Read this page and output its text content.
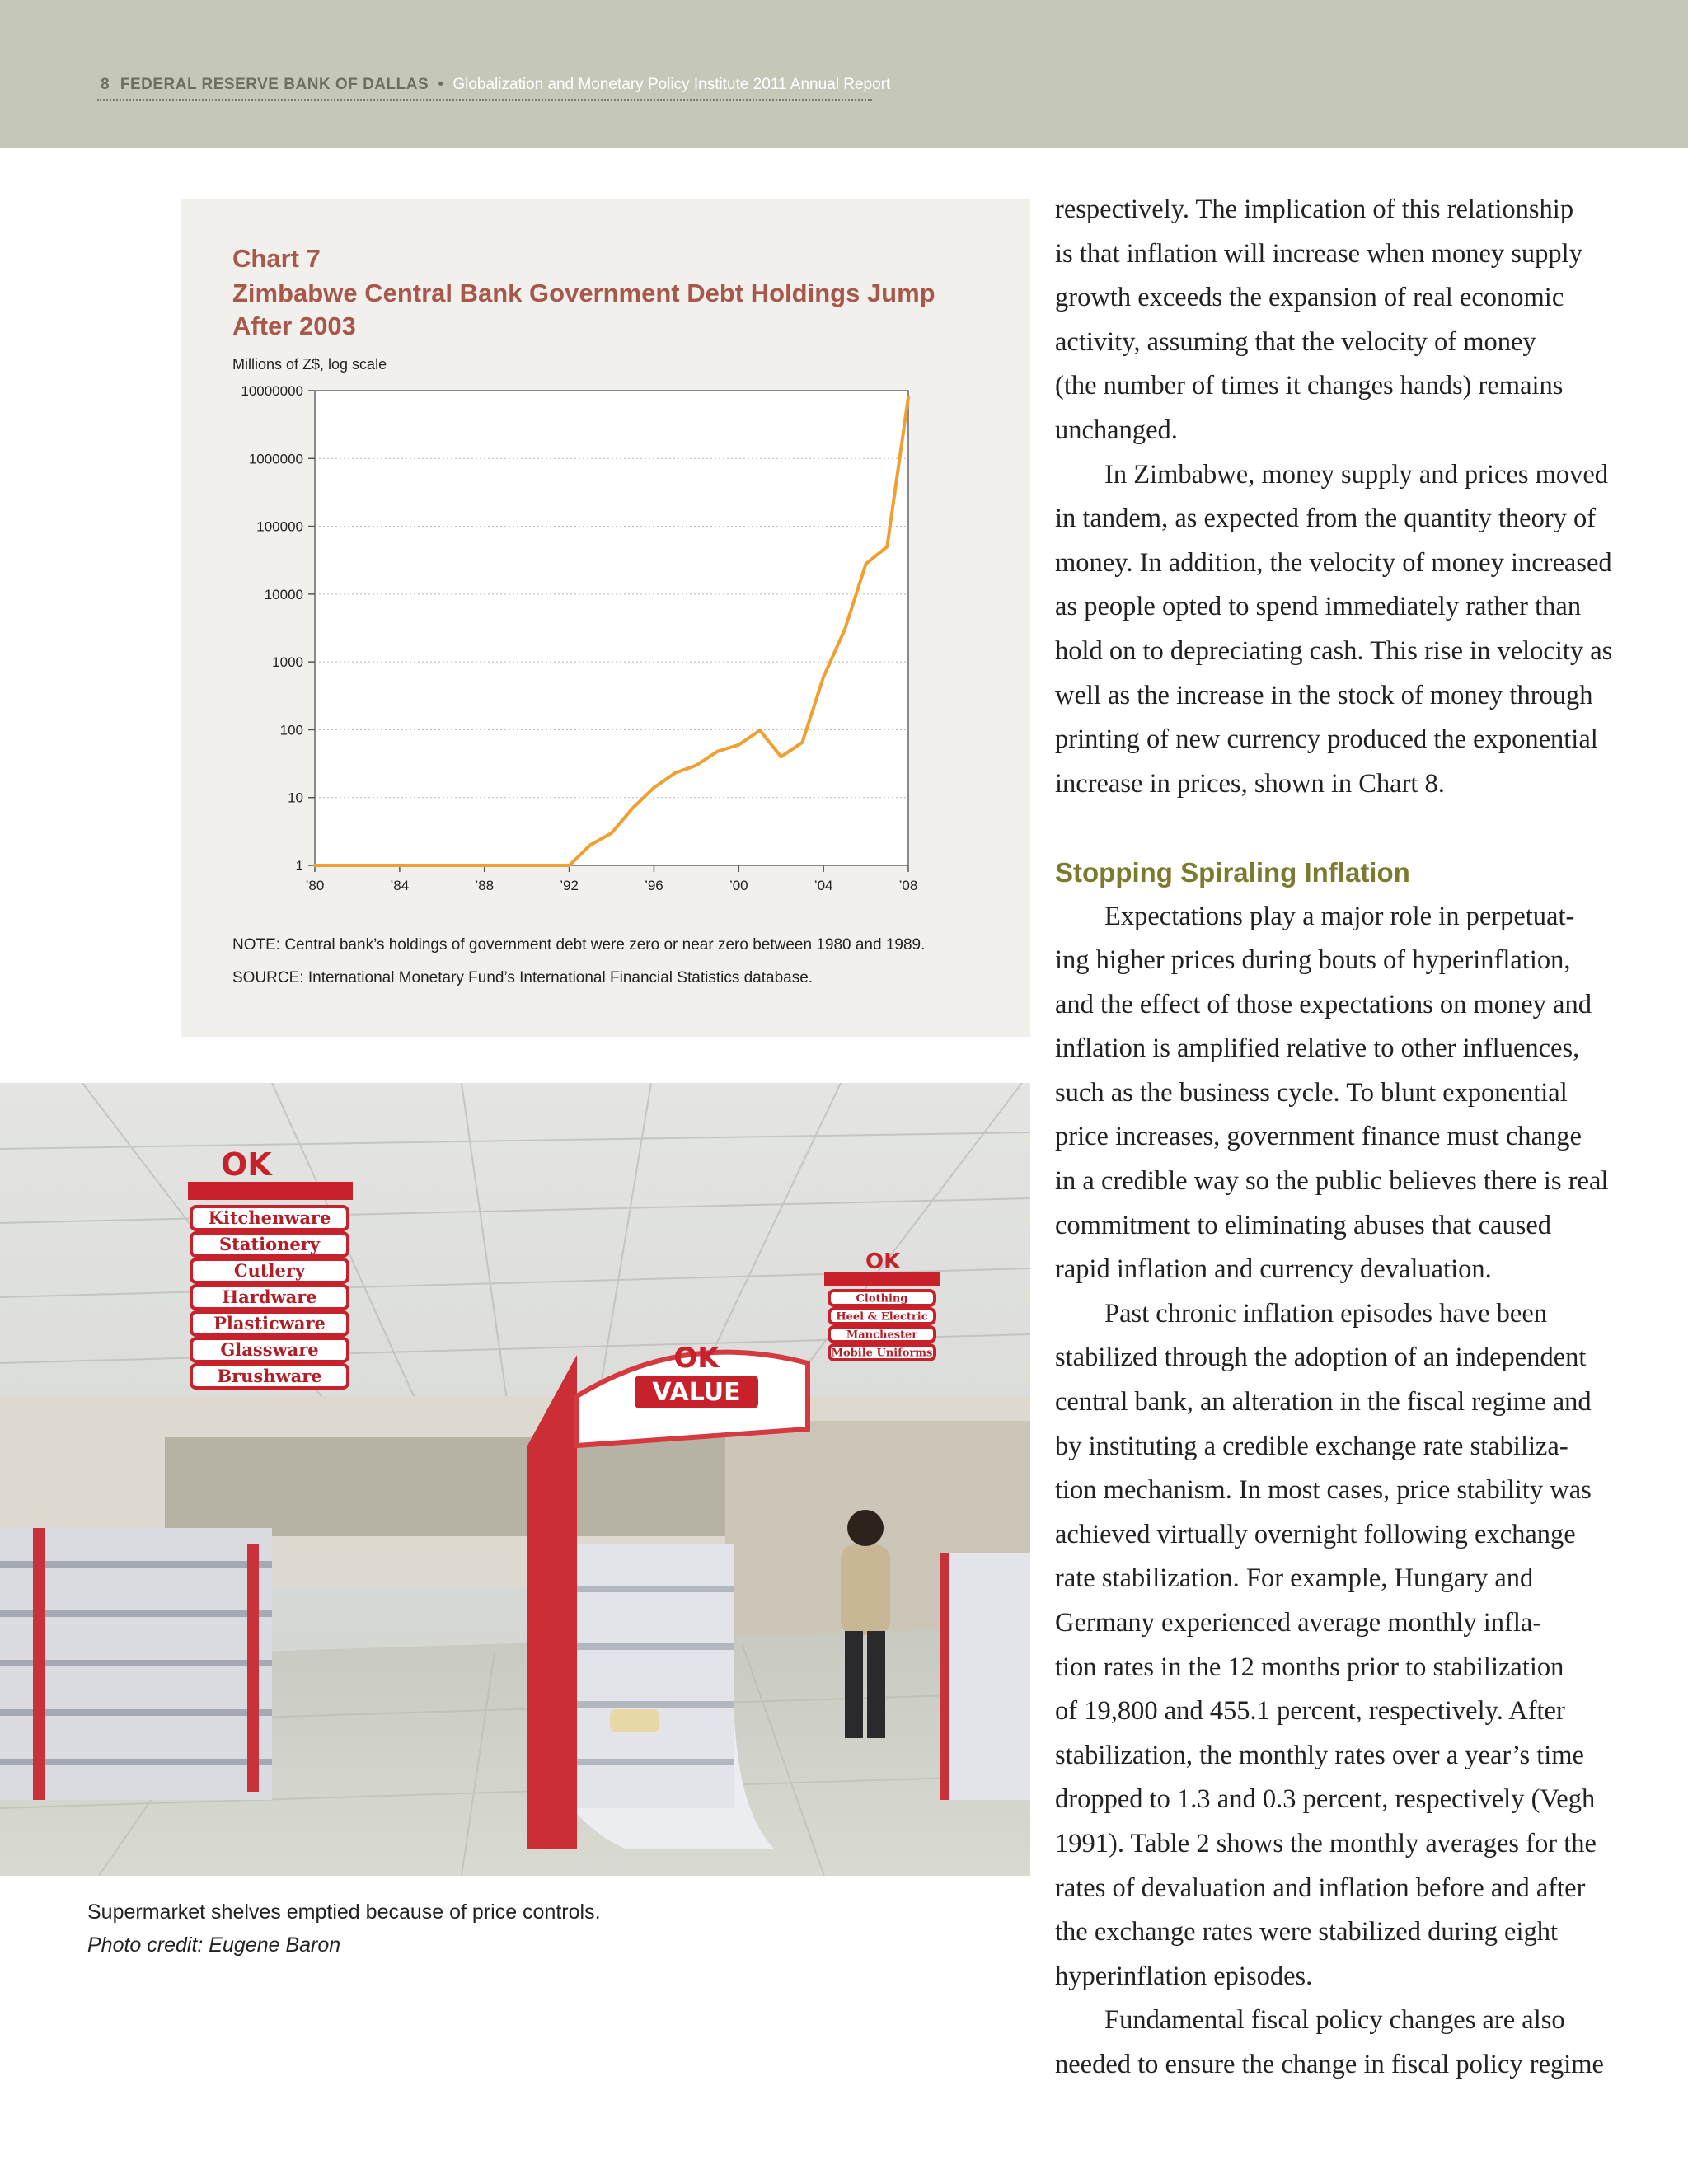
8 FEDERAL RESERVE BANK OF DALLAS • Globalization and Monetary Policy Institute 2011 Annual Report
Chart 7
Zimbabwe Central Bank Government Debt Holdings Jump After 2003
Millions of Z$, log scale
1
10
100
1000
10000
100000
1000000
10000000
’80	’84	’88	’92	’96	’00	’04	’08
NOTE: Central bank’s holdings of government debt were zero or near zero between 1980 and 1989.
SOURCE: International Monetary Fund’s International Financial Statistics database.
VALUE
OK
OK
Kitchenware
Stationery
Cutlery
Hardware
Plasticware
Glassware
Brushware
OK
Clothing
Heel & Electric
Manchester
Mobile Uniforms
Supermarket shelves emptied because of price controls.
Photo credit: Eugene Baron

respectively. The implication of this relationship

is that inflation will increase when money supply

growth exceeds the expansion of real economic

activity, assuming that the velocity of money

(the number of times it changes hands) remains

unchanged.

In Zimbabwe, money supply and prices moved

in tandem, as expected from the quantity theory of

money. In addition, the velocity of money increased

as people opted to spend immediately rather than

hold on to depreciating cash. This rise in velocity as

well as the increase in the stock of money through

printing of new currency produced the exponential

increase in prices, shown in Chart 8.

Stopping Spiraling Inflation

Expectations play a major role in perpetuat-

ing higher prices during bouts of hyperinflation,

and the effect of those expectations on money and

inflation is amplified relative to other influences,

such as the business cycle. To blunt exponential

price increases, government finance must change

in a credible way so the public believes there is real

commitment to eliminating abuses that caused

rapid inflation and currency devaluation.

Past chronic inflation episodes have been

stabilized through the adoption of an independent

central bank, an alteration in the fiscal regime and

by instituting a credible exchange rate stabiliza-

tion mechanism. In most cases, price stability was

achieved virtually overnight following exchange

rate stabilization. For example, Hungary and

Germany experienced average monthly infla-

tion rates in the 12 months prior to stabilization

of 19,800 and 455.1 percent, respectively. After

stabilization, the monthly rates over a year’s time

dropped to 1.3 and 0.3 percent, respectively (Vegh

1991). Table 2 shows the monthly averages for the

rates of devaluation and inflation before and after

the exchange rates were stabilized during eight

hyperinflation episodes.

Fundamental fiscal policy changes are also

needed to ensure the change in fiscal policy regime
